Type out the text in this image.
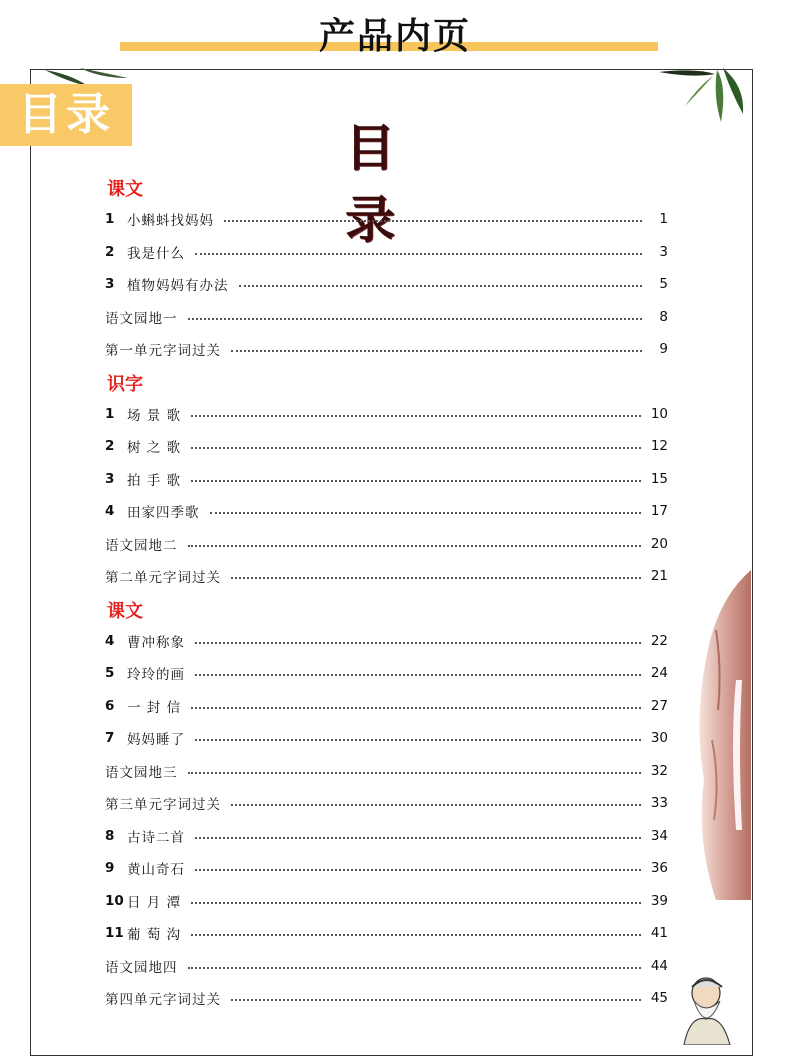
产品内页
目录
目 录
课文
1 小蝌蚪找妈妈	1
2 我是什么	3
3 植物妈妈有办法	5
语文园地一	8
第一单元字词过关	9
识字
1 场 景 歌	10
2 树 之 歌	12
3 拍 手 歌	15
4 田家四季歌	17
语文园地二	20
第二单元字词过关	21
课文
4 曹冲称象	22
5 玲玲的画	24
6 一 封 信	27
7 妈妈睡了	30
语文园地三	32
第三单元字词过关	33
8 古诗二首	34
9 黄山奇石	36
10 日 月 潭	39
11 葡 萄 沟	41
语文园地四	44
第四单元字词过关	45
